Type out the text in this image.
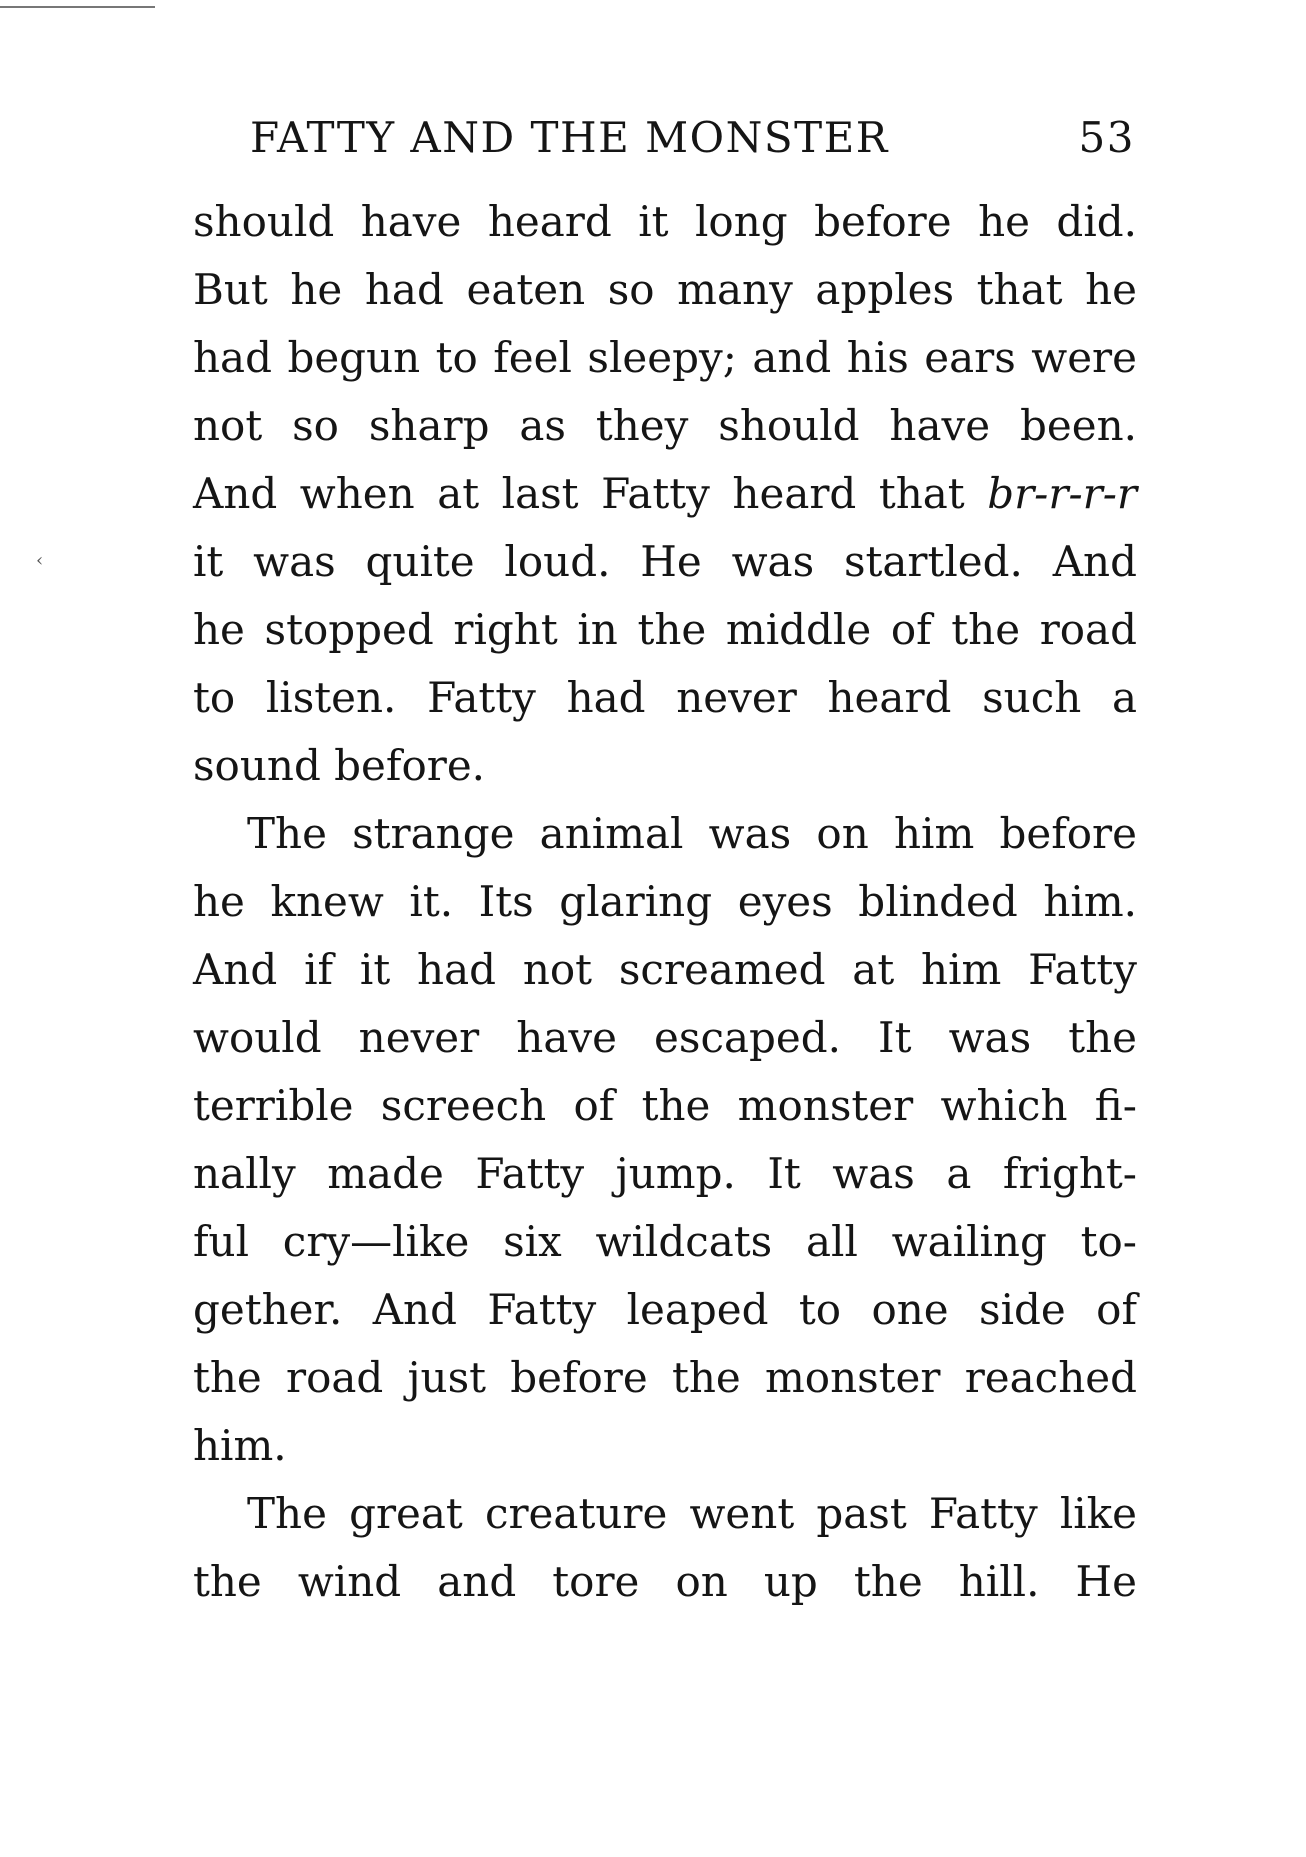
FATTY AND THE MONSTER	53
‹
should have heard it long before he did.
But he had eaten so many apples that he
had begun to feel sleepy; and his ears were
not so sharp as they should have been.
And when at last Fatty heard that br-r-r-r
it was quite loud. He was startled. And
he stopped right in the middle of the road
to listen. Fatty had never heard such a
sound before.
The strange animal was on him before
he knew it. Its glaring eyes blinded him.
And if it had not screamed at him Fatty
would never have escaped. It was the
terrible screech of the monster which fi-
nally made Fatty jump. It was a fright-
ful cry—like six wildcats all wailing to-
gether. And Fatty leaped to one side of
the road just before the monster reached
him.
The great creature went past Fatty like
the wind and tore on up the hill. He
